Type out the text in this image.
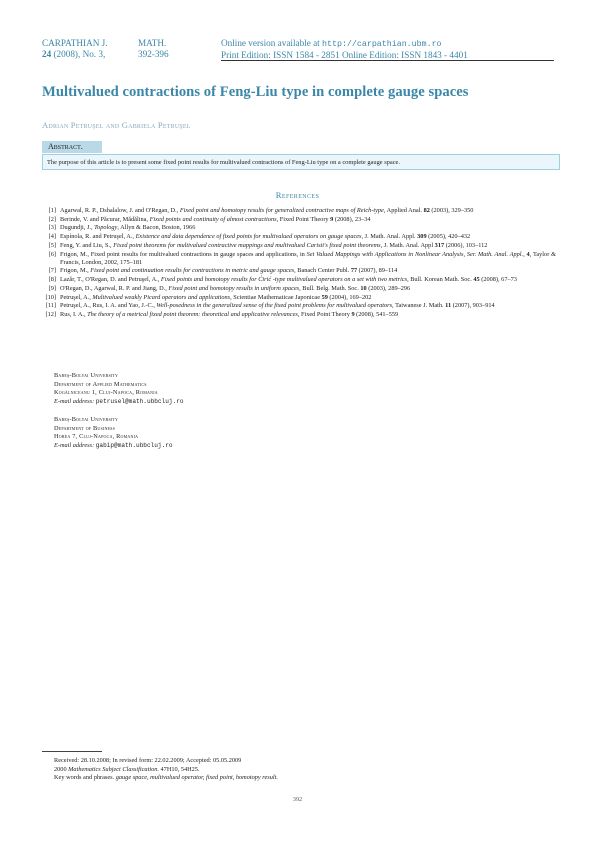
CARPATHIAN J.	MATH.
24 (2008), No. 3,	392-396
Online version available at http://carpathian.ubm.ro
Print Edition: ISSN 1584 - 2851 Online Edition: ISSN 1843 - 4401
Multivalued contractions of Feng-Liu type in complete gauge spaces
Adrian Petruşel and Gabriela Petruşel
Abstract.
The purpose of this article is to present some fixed point results for multivalued contractions of Feng-Liu type on a complete gauge space.
References
[1] Agarwal, R. P., Dshalalow, J. and O'Regan, D., Fixed point and homotopy results for generalized contractive maps of Reich-type, Applied Anal. 82 (2003), 329–350
[2] Berinde, V. and Păcurar, Mădălina, Fixed points and continuity of almost contractions, Fixed Point Theory 9 (2008), 23–34
[3] Dugundji, J., Topology, Allyn & Bacon, Boston, 1966
[4] Espínola, R. and Petruşel, A., Existence and data dependence of fixed points for multivalued operators on gauge spaces, J. Math. Anal. Appl. 309 (2005), 420–432
[5] Feng, Y. and Liu, S., Fixed point theorems for multivalued contractive mappings and multivalued Caristi's fixed point theorems, J. Math. Anal. Appl 317 (2006), 103–112
[6] Frigon, M., Fixed point results for multivalued contractions in gauge spaces and applications, in Set Valued Mappings with Applications in Nonlinear Analysis, Ser. Math. Anal. Appl., 4, Taylor & Francis, London, 2002, 175–181
[7] Frigon, M., Fixed point and continuation results for contractions in metric and gauge spaces, Banach Center Publ. 77 (2007), 89–114
[8] Lazăr, T., O'Regan, D. and Petruşel, A., Fixed points and homotopy results for Ćirić -type multivalued operators on a set with two metrics, Bull. Korean Math. Soc. 45 (2008), 67–73
[9] O'Regan, D., Agarwal, R. P. and Jiang, D., Fixed point and homotopy results in uniform spaces, Bull. Belg. Math. Soc. 10 (2003), 289–296
[10] Petruşel, A., Multivalued weakly Picard operators and applications, Scientiae Mathematicae Japonicae 59 (2004), 169–202
[11] Petruşel, A., Rus, I. A. and Yao, J.-C., Well-posedness in the generalized sense of the fixed point problems for multivalued operators, Taiwanese J. Math. 11 (2007), 903–914
[12] Rus, I. A., The theory of a metrical fixed point theorem: theoretical and applicative relevances, Fixed Point Theory 9 (2008), 541–559
Babeş-Bolyai University
Department of Applied Mathematics
Kogălniceanu 1, Cluj-Napoca, Romania
E-mail address: petrusel@math.ubbcluj.ro
Babeş-Bolyai University
Department of Business
Horea 7, Cluj-Napoca, Romania
E-mail address: gabip@math.ubbcluj.ro
Received: 28.10.2008; In revised form: 22.02.2009; Accepted: 05.05.2009
2000 Mathematics Subject Classification. 47H10, 54H25.
Key words and phrases. gauge space, multivalued operator, fixed point, homotopy result.
392
